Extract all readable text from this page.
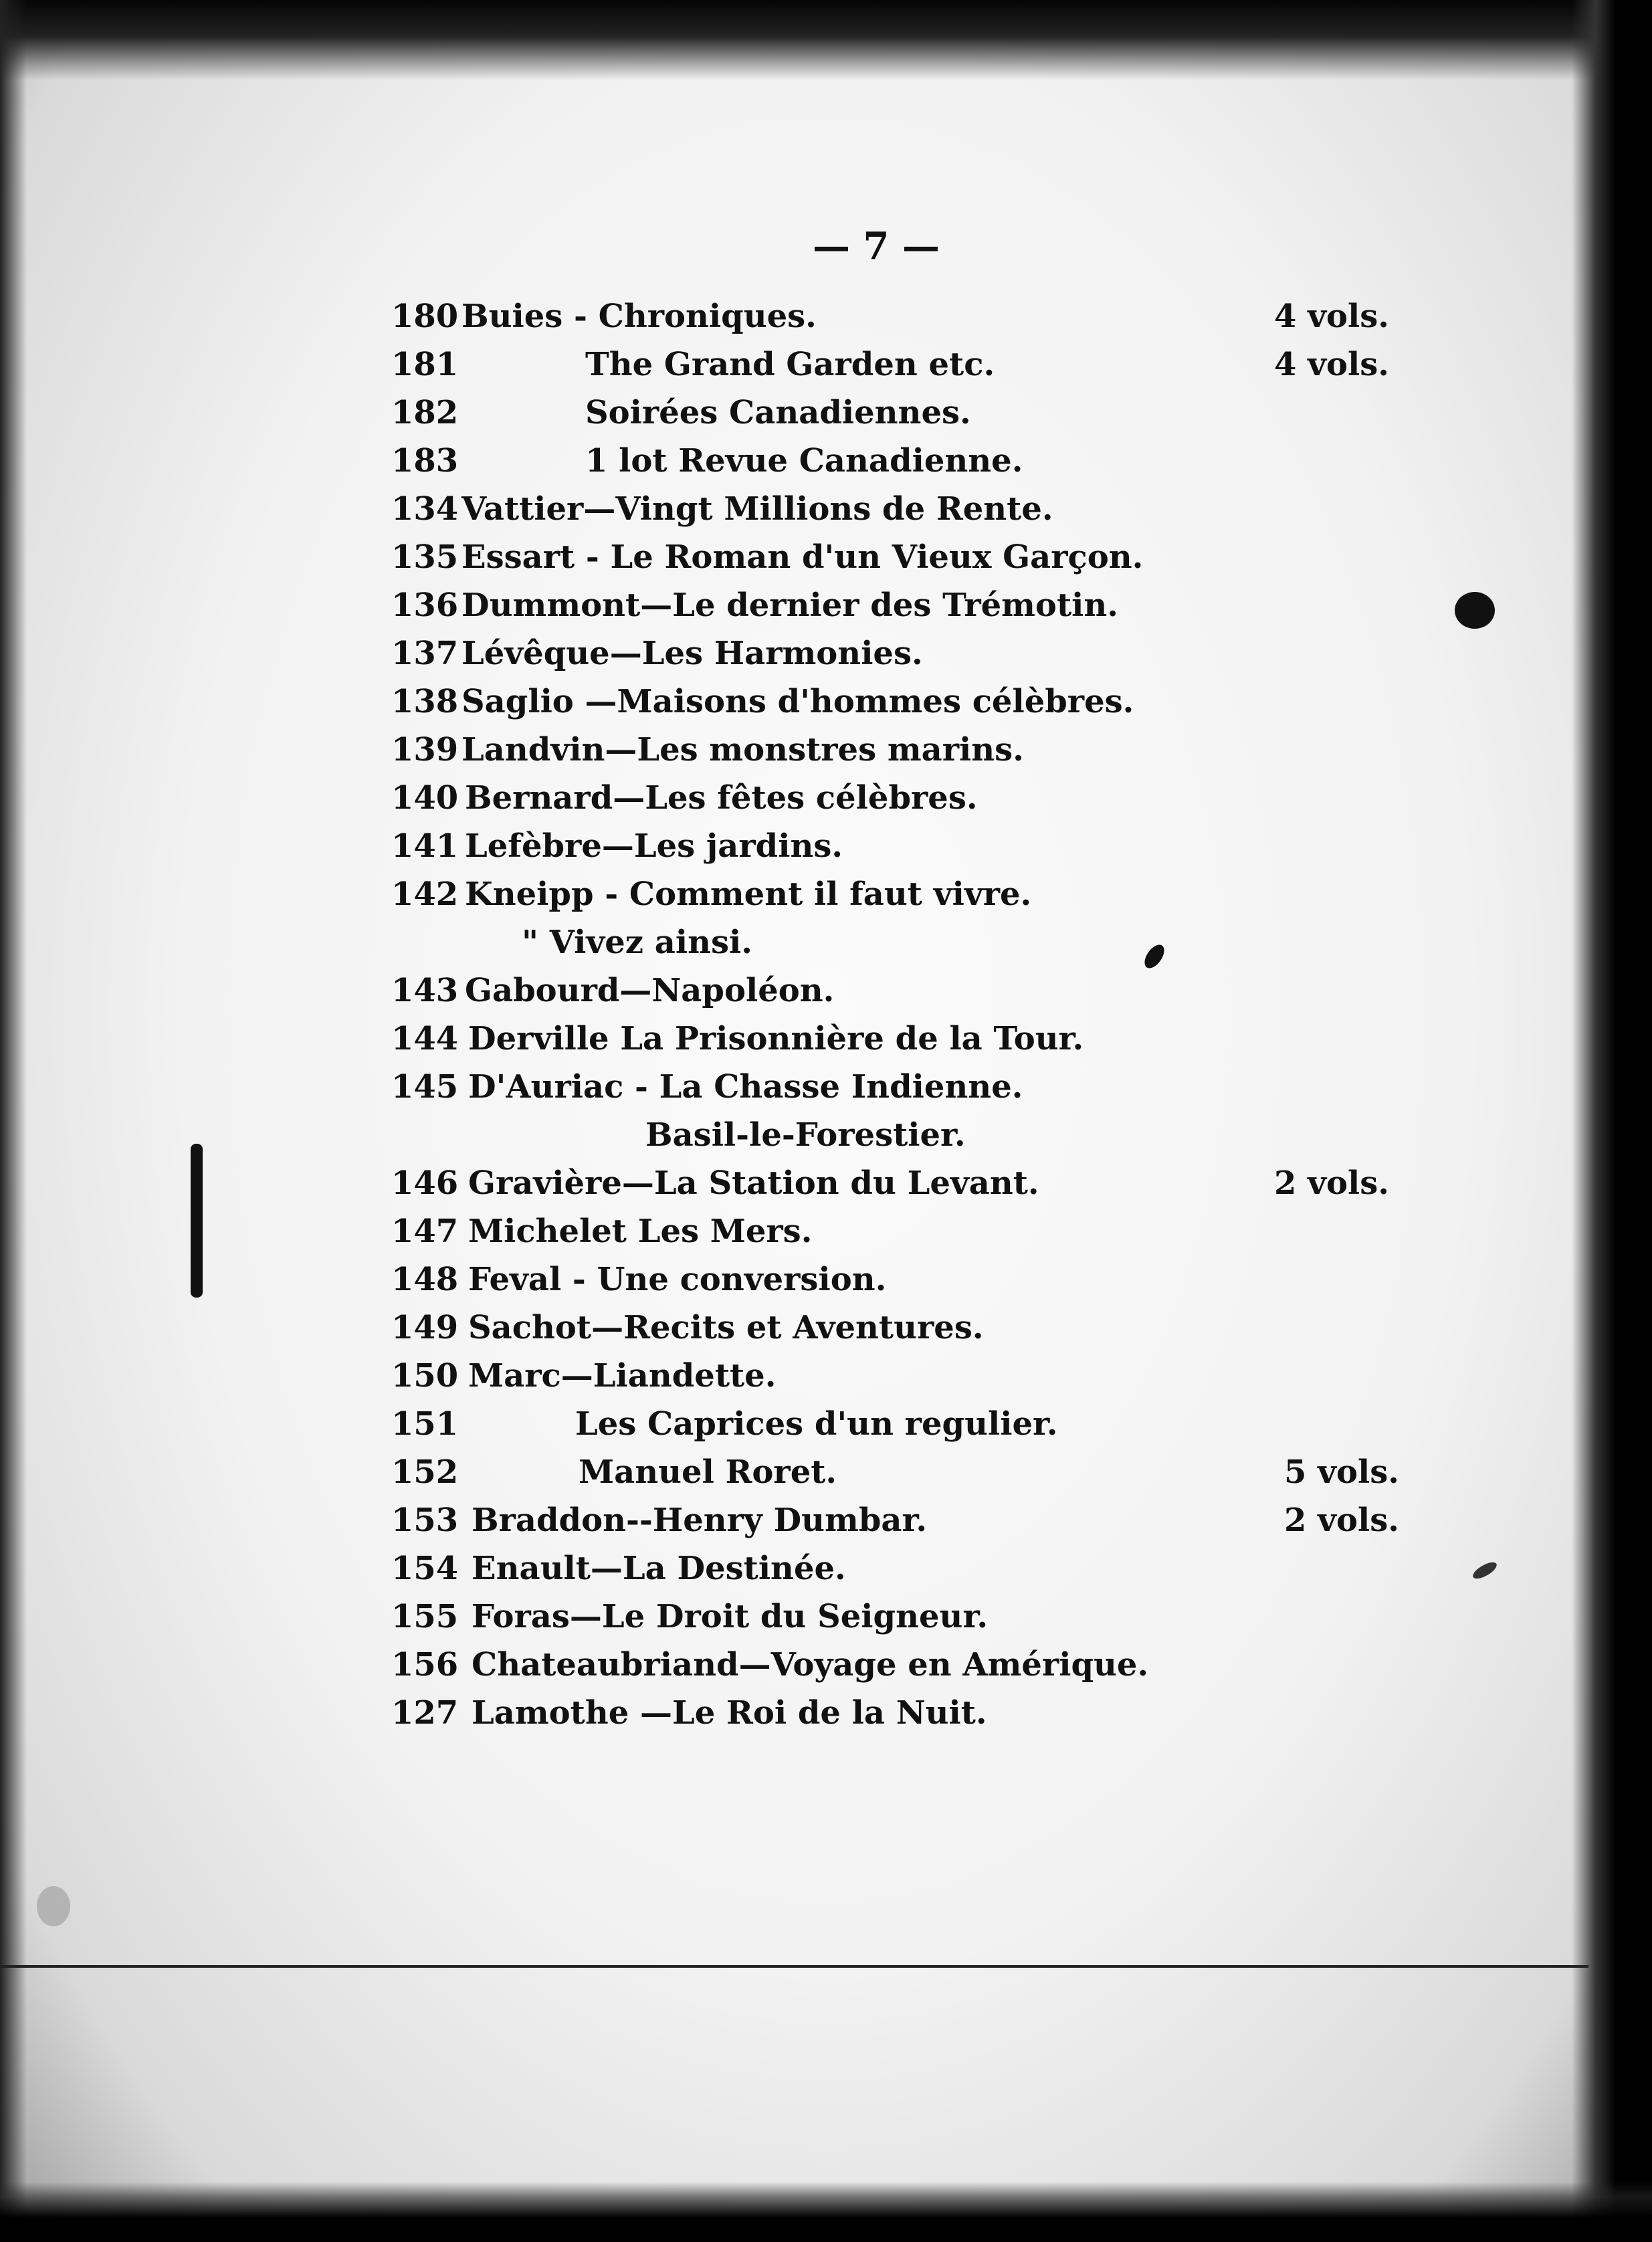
— 7 —
180 Buies - Chroniques.	4 vols.
181	The Grand Garden etc.	4 vols.
182	Soirées Canadiennes.
183	1 lot Revue Canadienne.
134 Vattier—Vingt Millions de Rente.
135 Essart - Le Roman d'un Vieux Garçon.
136 Dummont—Le dernier des Trémotin.
137 Lévêque—Les Harmonies.
138 Saglio —Maisons d'hommes célèbres.
139 Landvin—Les monstres marins.
140 Bernard—Les fêtes célèbres.
141 Lefèbre—Les jardins.
142 Kneipp - Comment il faut vivre.
" Vivez ainsi.
143 Gabourd—Napoléon.
144 Derville La Prisonnière de la Tour.
145 D'Auriac - La Chasse Indienne.
Basil-le-Forestier.
146 Gravière—La Station du Levant.	2 vols.
147 Michelet Les Mers.
148 Feval - Une conversion.
149 Sachot—Recits et Aventures.
150 Marc—Liandette.
151	Les Caprices d'un regulier.
152	Manuel Roret.	5 vols.
153 Braddon--Henry Dumbar.	2 vols.
154 Enault—La Destinée.
155 Foras—Le Droit du Seigneur.
156 Chateaubriand—Voyage en Amérique.
127 Lamothe —Le Roi de la Nuit.
